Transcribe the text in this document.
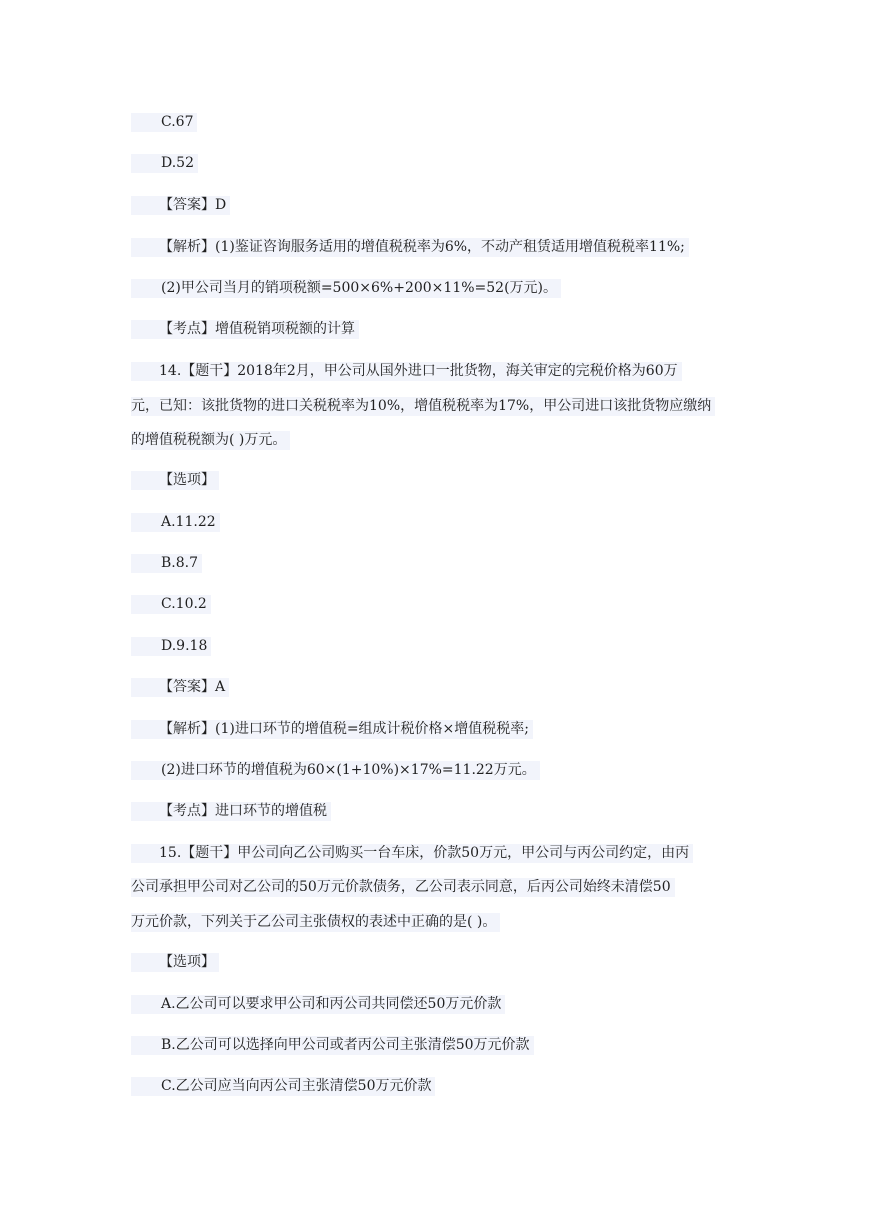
C.67
D.52
【答案】D
【解析】(1)鉴证咨询服务适用的增值税税率为6%，不动产租赁适用增值税税率11%;
(2)甲公司当月的销项税额=500×6%+200×11%=52(万元)。
【考点】增值税销项税额的计算
14.【题干】2018年2月，甲公司从国外进口一批货物，海关审定的完税价格为60万
元，已知：该批货物的进口关税税率为10%，增值税税率为17%，甲公司进口该批货物应缴纳
的增值税税额为( )万元。
【选项】
A.11.22
B.8.7
C.10.2
D.9.18
【答案】A
【解析】(1)进口环节的增值税=组成计税价格×增值税税率;
(2)进口环节的增值税为60×(1+10%)×17%=11.22万元。
【考点】进口环节的增值税
15.【题干】甲公司向乙公司购买一台车床，价款50万元，甲公司与丙公司约定，由丙
公司承担甲公司对乙公司的50万元价款债务，乙公司表示同意，后丙公司始终未清偿50
万元价款，下列关于乙公司主张债权的表述中正确的是( )。
【选项】
A.乙公司可以要求甲公司和丙公司共同偿还50万元价款
B.乙公司可以选择向甲公司或者丙公司主张清偿50万元价款
C.乙公司应当向丙公司主张清偿50万元价款
